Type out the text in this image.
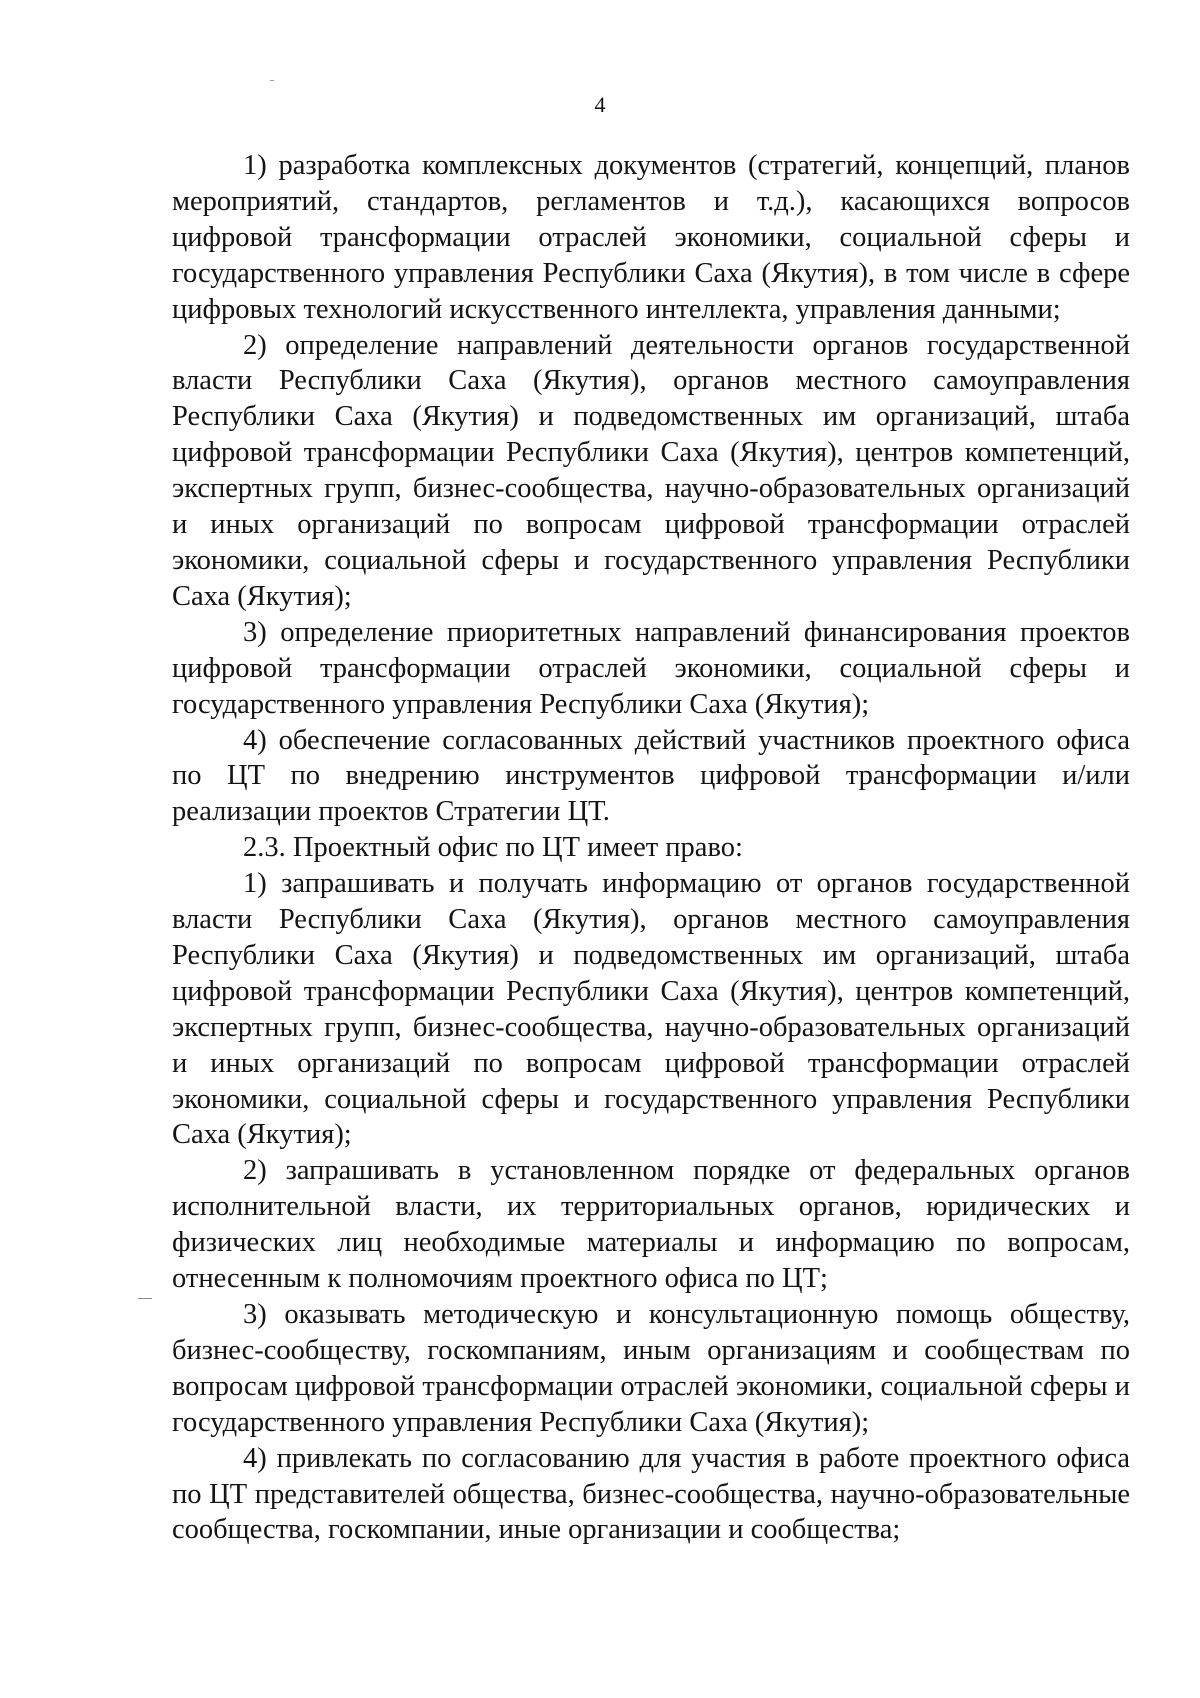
4

1) разработка комплексных документов (стратегий, концепций, планов мероприятий, стандартов, регламентов и т.д.), касающихся вопросов цифровой трансформации отраслей экономики, социальной сферы и государственного управления Республики Саха (Якутия), в том числе в сфере цифровых технологий искусственного интеллекта, управления данными;

2) определение направлений деятельности органов государственной власти Республики Саха (Якутия), органов местного самоуправления Республики Саха (Якутия) и подведомственных им организаций, штаба цифровой трансформации Республики Саха (Якутия), центров компетенций, экспертных групп, бизнес-сообщества, научно-образовательных организаций и иных организаций по вопросам цифровой трансформации отраслей экономики, социальной сферы и государственного управления Республики Саха (Якутия);

3) определение приоритетных направлений финансирования проектов цифровой трансформации отраслей экономики, социальной сферы и государственного управления Республики Саха (Якутия);

4) обеспечение согласованных действий участников проектного офиса по ЦТ по внедрению инструментов цифровой трансформации и/или реализации проектов Стратегии ЦТ.

2.3. Проектный офис по ЦТ имеет право:

1) запрашивать и получать информацию от органов государственной власти Республики Саха (Якутия), органов местного самоуправления Республики Саха (Якутия) и подведомственных им организаций, штаба цифровой трансформации Республики Саха (Якутия), центров компетенций, экспертных групп, бизнес-сообщества, научно-образовательных организаций и иных организаций по вопросам цифровой трансформации отраслей экономики, социальной сферы и государственного управления Республики Саха (Якутия);

2) запрашивать в установленном порядке от федеральных органов исполнительной власти, их территориальных органов, юридических и физических лиц необходимые материалы и информацию по вопросам, отнесенным к полномочиям проектного офиса по ЦТ;

3) оказывать методическую и консультационную помощь обществу, бизнес-сообществу, госкомпаниям, иным организациям и сообществам по вопросам цифровой трансформации отраслей экономики, социальной сферы и государственного управления Республики Саха (Якутия);

4) привлекать по согласованию для участия в работе проектного офиса по ЦТ представителей общества, бизнес-сообщества, научно-образовательные сообщества, госкомпании, иные организации и сообщества;
